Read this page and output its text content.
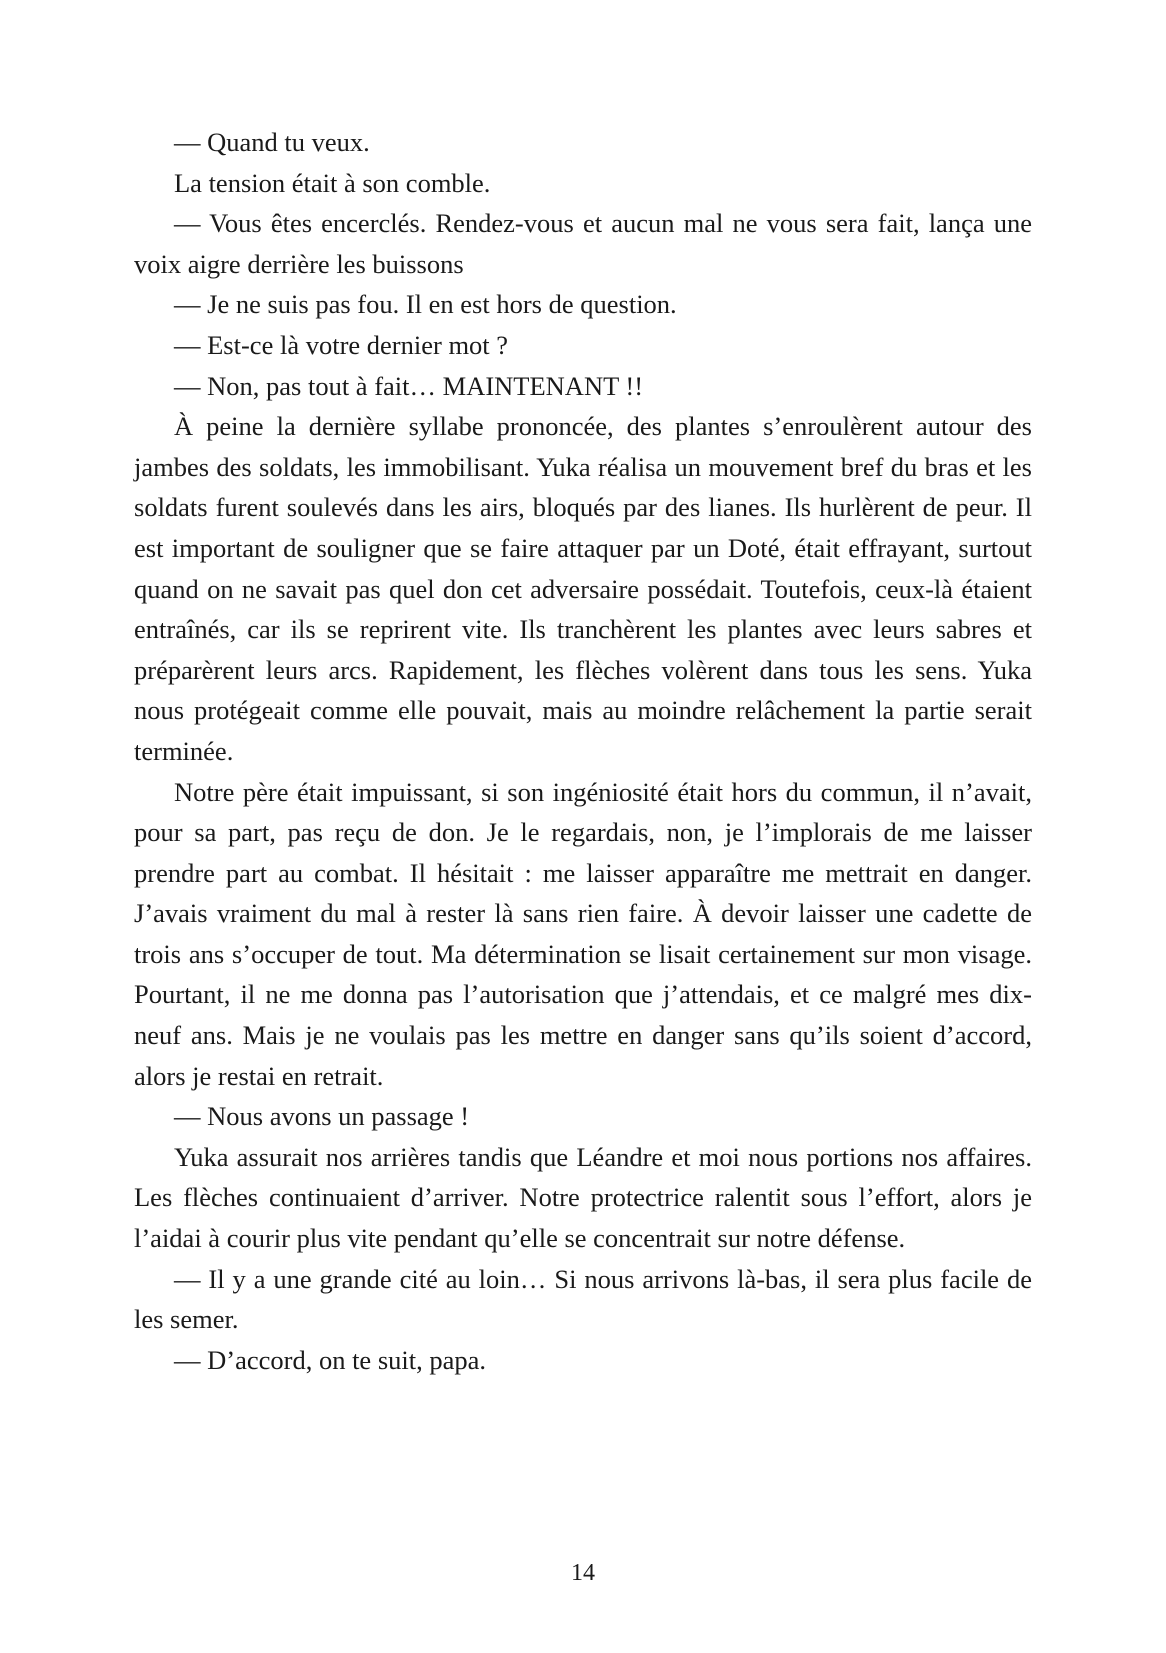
— Quand tu veux.

La tension était à son comble.

— Vous êtes encerclés. Rendez-vous et aucun mal ne vous sera fait, lança une voix aigre derrière les buissons

— Je ne suis pas fou. Il en est hors de question.

— Est-ce là votre dernier mot ?

— Non, pas tout à fait… MAINTENANT !!

À peine la dernière syllabe prononcée, des plantes s’enroulèrent autour des jambes des soldats, les immobilisant. Yuka réalisa un mouvement bref du bras et les soldats furent soulevés dans les airs, bloqués par des lianes. Ils hurlèrent de peur. Il est important de souligner que se faire attaquer par un Doté, était effrayant, surtout quand on ne savait pas quel don cet adversaire possédait. Toutefois, ceux-là étaient entraînés, car ils se reprirent vite. Ils tranchèrent les plantes avec leurs sabres et préparèrent leurs arcs. Rapidement, les flèches volèrent dans tous les sens. Yuka nous protégeait comme elle pouvait, mais au moindre relâchement la partie serait terminée.

Notre père était impuissant, si son ingéniosité était hors du commun, il n’avait, pour sa part, pas reçu de don. Je le regardais, non, je l’implorais de me laisser prendre part au combat. Il hésitait : me laisser apparaître me mettrait en danger. J’avais vraiment du mal à rester là sans rien faire. À devoir laisser une cadette de trois ans s’occuper de tout. Ma détermination se lisait certainement sur mon visage. Pourtant, il ne me donna pas l’autorisation que j’attendais, et ce malgré mes dix-neuf ans. Mais je ne voulais pas les mettre en danger sans qu’ils soient d’accord, alors je restai en retrait.

— Nous avons un passage !

Yuka assurait nos arrières tandis que Léandre et moi nous portions nos affaires. Les flèches continuaient d’arriver. Notre protectrice ralentit sous l’effort, alors je l’aidai à courir plus vite pendant qu’elle se concentrait sur notre défense.

— Il y a une grande cité au loin… Si nous arrivons là-bas, il sera plus facile de les semer.

— D’accord, on te suit, papa.

14
